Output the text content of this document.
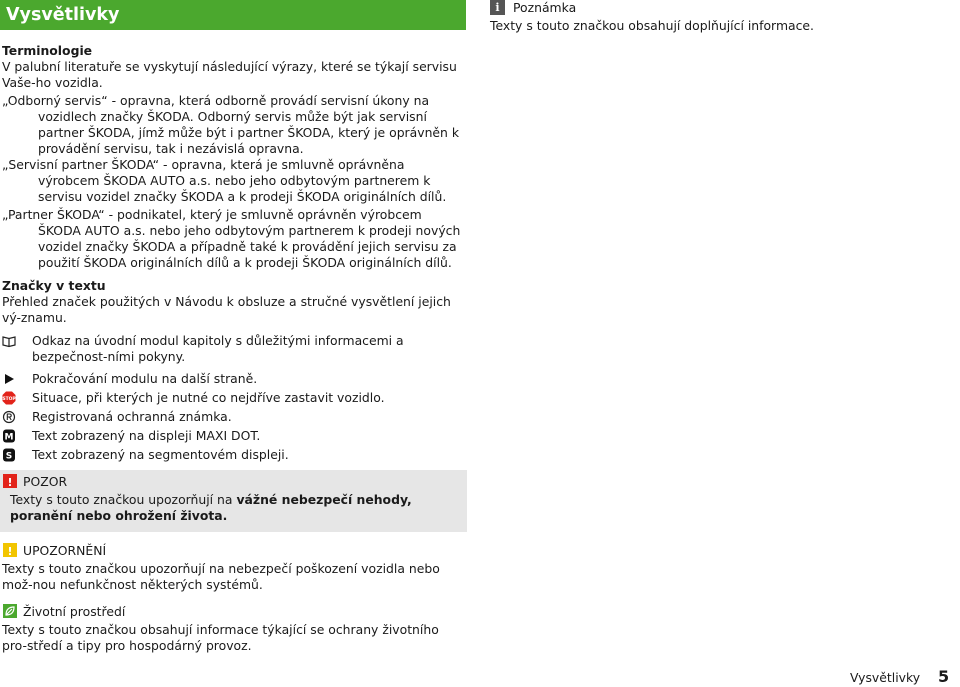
Vysvětlivky

Terminologie

V palubní literatuře se vyskytují následující výrazy, které se týkají servisu Vaše-ho vozidla.

„Odborný servis“ - opravna, která odborně provádí servisní úkony na vozidlech značky ŠKODA. Odborný servis může být jak servisní partner ŠKODA, jímž může být i partner ŠKODA, který je oprávněn k provádění servisu, tak i nezávislá opravna.

„Servisní partner ŠKODA“ - opravna, která je smluvně oprávněna výrobcem ŠKODA AUTO a.s. nebo jeho odbytovým partnerem k servisu vozidel značky ŠKODA a k prodeji ŠKODA originálních dílů.

„Partner ŠKODA“ - podnikatel, který je smluvně oprávněn výrobcem ŠKODA AUTO a.s. nebo jeho odbytovým partnerem k prodeji nových vozidel značky ŠKODA a případně také k provádění jejich servisu za použití ŠKODA originálních dílů a k prodeji ŠKODA originálních dílů.

Značky v textu

Přehled značek použitých v Návodu k obsluze a stručné vysvětlení jejich vý-znamu.

Odkaz na úvodní modul kapitoly s důležitými informacemi a bezpečnost-ními pokyny.
Pokračování modulu na další straně.
STOP Situace, při kterých je nutné co nejdříve zastavit vozidlo.
Registrovaná ochranná známka.
M Text zobrazený na displeji MAXI DOT.
S Text zobrazený na segmentovém displeji.
! POZOR

Texty s touto značkou upozorňují na vážné nebezpečí nehody, poranění nebo ohrožení života.

! UPOZORNĚNÍ

Texty s touto značkou upozorňují na nebezpečí poškození vozidla nebo mož-nou nefunkčnost některých systémů.

Životní prostředí

Texty s touto značkou obsahují informace týkající se ochrany životního pro-středí a tipy pro hospodárný provoz.

i	Poznámka

Texty s touto značkou obsahují doplňující informace.

Vysvětlivky 5
